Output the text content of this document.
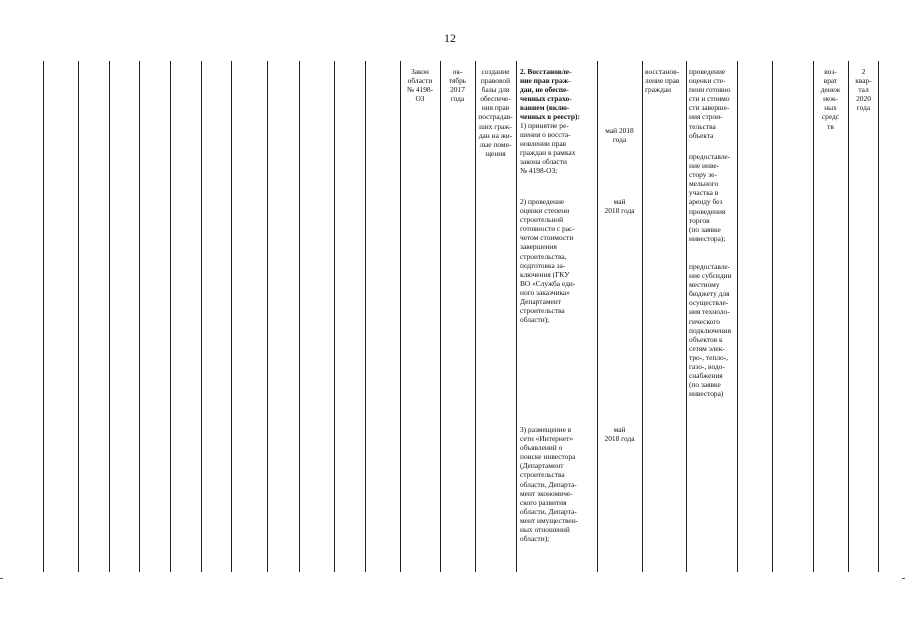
12
Закон
области
№ 4198-
ОЗ
ок-
тябрь
2017
года
создание
правовой
базы для
обеспече-
ния прав
пострадав-
ших граж-
дан на жи-
лые поме-
щения
2. Восстановле-
ние прав граж-
дан, не обеспе-
ченных страхо-
ванием (вклю-
ченных в реестр):
1) принятие ре-
шения о восста-
новлении прав
граждан в рамках
закона области
№ 4198-ОЗ;
2) проведение
оценки степени
строительной
готовности с рас-
четом стоимости
завершения
строительства,
подготовка за-
ключения (ГКУ
ВО «Служба еди-
ного заказчика»
Департамент
строительства
области);
3) размещение в
сети «Интернет»
объявлений о
поиске инвестора
(Департамент
строительства
области, Департа-
мент экономиче-
ского развития
области, Департа-
мент имуществен-
ных отношений
области);
май 2018
года
май
2018 года
май
2018 года
восстанов-
ление прав
граждан
проведение
оценки сте-
пени готовно
сти и стоимо
сти заверше-
ния строи-
тельства
объекта
предоставле-
ние инве-
стору зе-
мельного
участка в
аренду без
проведения
торгов
(по заявке
инвестора);
предоставле-
ние субсидии
местному
бюджету для
осуществле-
ния техноло-
гического
подключения
объектов к
сетям элек-
тро-, тепло-,
газо-, водо-
снабжения
(по заявке
инвестора)
воз-
врат
денеж
неж-
ных
средс
тв
2
квар-
тал
2020
года
